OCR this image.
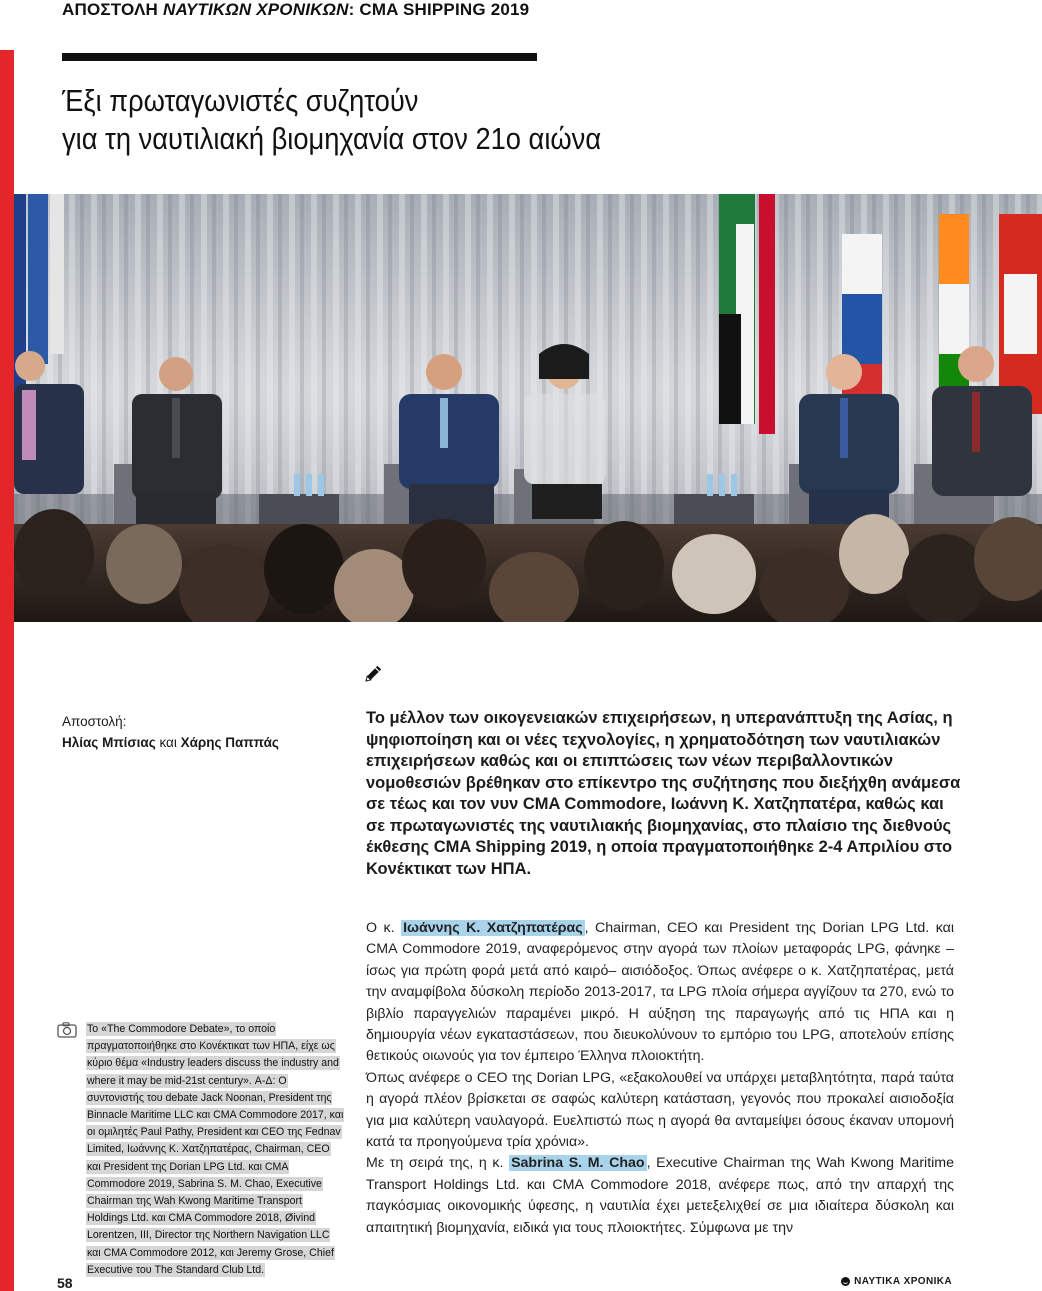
ΑΠΟΣΤΟΛΗ ΝΑΥΤΙΚΩΝ ΧΡΟΝΙΚΩΝ: CMA SHIPPING 2019
Έξι πρωταγωνιστές συζητούν
για τη ναυτιλιακή βιομηχανία στον 21ο αιώνα
Αποστολή:
Ηλίας Μπίσιας και Χάρης Παππάς

Το μέλλον των οικογενειακών επιχειρήσεων, η υπερανάπτυξη της Ασίας, η ψηφιοποίηση και οι νέες τεχνολογίες, η χρηματοδότηση των ναυτιλιακών επιχειρήσεων καθώς και οι επιπτώσεις των νέων περιβαλλοντικών νομοθεσιών βρέθηκαν στο επίκεντρο της συζήτησης που διεξήχθη ανάμεσα σε τέως και τον νυν CMA Commodore, Ιωάννη Κ. Χατζηπατέρα, καθώς και σε πρωταγωνιστές της ναυτιλιακής βιομηχανίας, στο πλαίσιο της διεθνούς έκθεσης CMA Shipping 2019, η οποία πραγματοποιήθηκε 2-4 Απριλίου στο Κονέκτικατ των ΗΠΑ.

Ο κ. Ιωάννης Κ. Χατζηπατέρας , Chairman, CEO και President της Dorian LPG Ltd. και CMA Commodore 2019, αναφερόμενος στην αγορά των πλοίων μεταφοράς LPG, φάνηκε –ίσως για πρώτη φορά μετά από καιρό– αισιόδοξος. Όπως ανέφερε ο κ. Χατζηπατέρας, μετά την αναμφίβολα δύσκολη περίοδο 2013-2017, τα LPG πλοία σήμερα αγγίζουν τα 270, ενώ το βιβλίο παραγγελιών παραμένει μικρό. Η αύξηση της παραγωγής από τις ΗΠΑ και η δημιουργία νέων εγκαταστάσεων, που διευκολύνουν το εμπόριο του LPG, αποτελούν επίσης θετικούς οιωνούς για τον έμπειρο Έλληνα πλοιοκτήτη.

Όπως ανέφερε ο CEO της Dorian LPG, «εξακολουθεί να υπάρχει μεταβλητότητα, παρά ταύτα η αγορά πλέον βρίσκεται σε σαφώς καλύτερη κατάσταση, γεγονός που προκαλεί αισιοδοξία για μια καλύτερη ναυλαγορά. Ευελπιστώ πως η αγορά θα ανταμείψει όσους έκαναν υπομονή κατά τα προηγούμενα τρία χρόνια».

Με τη σειρά της, η κ. Sabrina S. M. Chao , Executive Chairman της Wah Kwong Maritime Transport Holdings Ltd. και CMA Commodore 2018, ανέφερε πως, από την απαρχή της παγκόσμιας οικονομικής ύφεσης, η ναυτιλία έχει μετεξελιχθεί σε μια ιδιαίτερα δύσκολη και απαιτητική βιομηχανία, ειδικά για τους πλοιοκτήτες. Σύμφωνα με την

Το «The Commodore Debate», το οποίο πραγματοποιήθηκε στο Κονέκτικατ των ΗΠΑ, είχε ως κύριο θέμα «Industry leaders discuss the industry and where it may be mid-21st century». Α-Δ: Ο συντονιστής του debate Jack Noonan, President της Binnacle Maritime LLC και CMA Commodore 2017, και οι ομιλητές Paul Pathy, President και CEO της Fednav Limited, Ιωάννης Κ. Χατζηπατέρας, Chairman, CEO και President της Dorian LPG Ltd. και CMA Commodore 2019, Sabrina S. M. Chao, Executive Chairman της Wah Kwong Maritime Transport Holdings Ltd. και CMA Commodore 2018, Øivind Lorentzen, III, Director της Northern Navigation LLC και CMA Commodore 2012, και Jeremy Grose, Chief Executive του The Standard Club Ltd.
58	ΝΑΥΤΙΚΑ ΧΡΟΝΙΚΑ
